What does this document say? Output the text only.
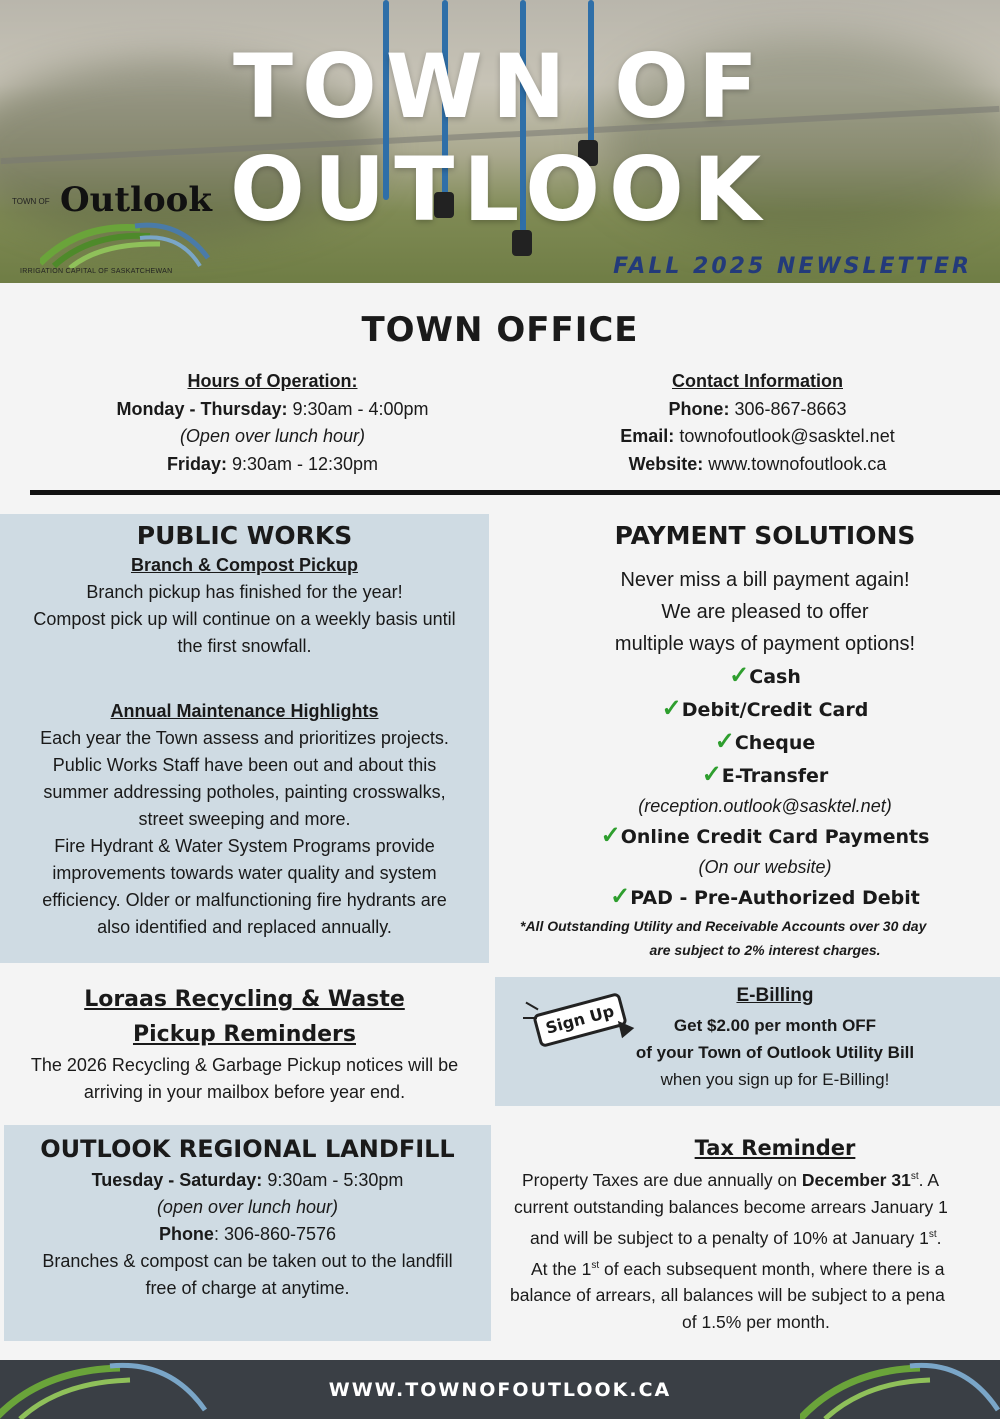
TOWN OF OUTLOOK
TOWN OF Outlook
IRRIGATION CAPITAL OF SASKATCHEWAN	FALL 2025 NEWSLETTER
TOWN OFFICE
Hours of Operation:
Monday - Thursday: 9:30am - 4:00pm
(Open over lunch hour)
Friday: 9:30am - 12:30pm
Contact Information
Phone: 306-867-8663
Email: townofoutlook@sasktel.net
Website: www.townofoutlook.ca
PUBLIC WORKS
Branch & Compost Pickup
Branch pickup has finished for the year!
Compost pick up will continue on a weekly basis until
the first snowfall.
Annual Maintenance Highlights
Each year the Town assess and prioritizes projects.
Public Works Staff have been out and about this
summer addressing potholes, painting crosswalks,
street sweeping and more.
Fire Hydrant & Water System Programs provide
improvements towards water quality and system
efficiency. Older or malfunctioning fire hydrants are
also identified and replaced annually.
PAYMENT SOLUTIONS
Never miss a bill payment again!
We are pleased to offer
multiple ways of payment options!
✓Cash
✓Debit/Credit Card
✓Cheque
✓E-Transfer
(reception.outlook@sasktel.net)
✓Online Credit Card Payments
(On our website)
✓PAD - Pre-Authorized Debit
*All Outstanding Utility and Receivable Accounts over 30 day
are subject to 2% interest charges.
Loraas Recycling & Waste
Pickup Reminders
The 2026 Recycling & Garbage Pickup notices will be
arriving in your mailbox before year end.
E-Billing
Sign Up	Get $2.00 per month OFF
of your Town of Outlook Utility Bill
when you sign up for E-Billing!
OUTLOOK REGIONAL LANDFILL
Tuesday - Saturday: 9:30am - 5:30pm
(open over lunch hour)
Phone: 306-860-7576
Branches & compost can be taken out to the landfill
free of charge at anytime.
Tax Reminder
Property Taxes are due annually on December 31st. A
current outstanding balances become arrears January 1
and will be subject to a penalty of 10% at January 1st.
At the 1st of each subsequent month, where there is a
balance of arrears, all balances will be subject to a pena
of 1.5% per month.
WWW.TOWNOFOUTLOOK.CA
